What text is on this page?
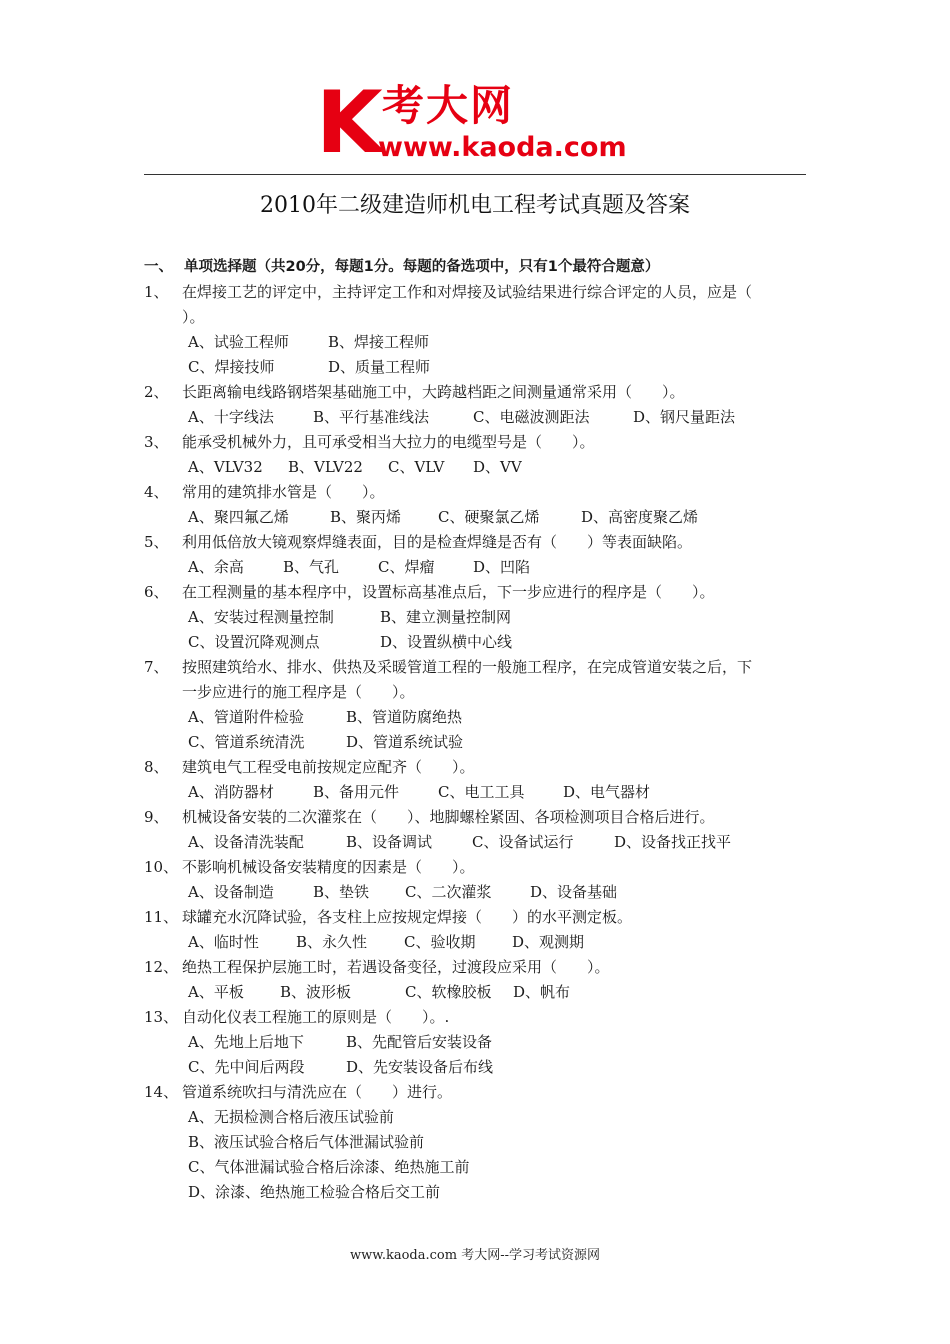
K 考大网
www.kaoda.com
2010年二级建造师机电工程考试真题及答案
一、 单项选择题（共20分，每题1分。每题的备选项中，只有1个最符合题意）
1、 在焊接工艺的评定中，主持评定工作和对焊接及试验结果进行综合评定的人员，应是（
）。
A、试验工程师	B、焊接工程师
C、焊接技师	D、质量工程师
2、 长距离输电线路钢塔架基础施工中，大跨越档距之间测量通常采用（　　）。
A、十字线法	B、平行基准线法	C、电磁波测距法	D、钢尺量距法
3、 能承受机械外力，且可承受相当大拉力的电缆型号是（　　）。
A、VLV32 B、VLV22 C、VLV D、VV
4、 常用的建筑排水管是（　　）。
A、聚四氟乙烯	B、聚丙烯 C、硬聚氯乙烯	D、高密度聚乙烯
5、 利用低倍放大镜观察焊缝表面，目的是检查焊缝是否有（　　）等表面缺陷。
A、余高	B、气孔	C、焊瘤	D、凹陷
6、 在工程测量的基本程序中，设置标高基准点后，下一步应进行的程序是（　　）。
A、安装过程测量控制	B、建立测量控制网
C、设置沉降观测点	D、设置纵横中心线
7、 按照建筑给水、排水、供热及采暖管道工程的一般施工程序，在完成管道安装之后，下
一步应进行的施工程序是（　　）。
A、管道附件检验	B、管道防腐绝热
C、管道系统清洗	D、管道系统试验
8、 建筑电气工程受电前按规定应配齐（　　）。
A、消防器材	B、备用元件	C、电工工具	D、电气器材
9、 机械设备安装的二次灌浆在（　　）、地脚螺栓紧固、各项检测项目合格后进行。
A、设备清洗装配	B、设备调试	C、设备试运行	D、设备找正找平
10、 不影响机械设备安装精度的因素是（　　）。
A、设备制造	B、垫铁 C、二次灌浆	D、设备基础
11、 球罐充水沉降试验，各支柱上应按规定焊接（　　）的水平测定板。
A、临时性 B、永久性 C、验收期 D、观测期
12、 绝热工程保护层施工时，若遇设备变径，过渡段应采用（　　）。
A、平板 B、波形板	C、软橡胶板 D、帆布
13、 自动化仪表工程施工的原则是（　　）。.
A、先地上后地下	B、先配管后安装设备
C、先中间后两段	D、先安装设备后布线
14、 管道系统吹扫与清洗应在（　　）进行。
A、无损检测合格后液压试验前
B、液压试验合格后气体泄漏试验前
C、气体泄漏试验合格后涂漆、绝热施工前
D、涂漆、绝热施工检验合格后交工前
www.kaoda.com 考大网--学习考试资源网
